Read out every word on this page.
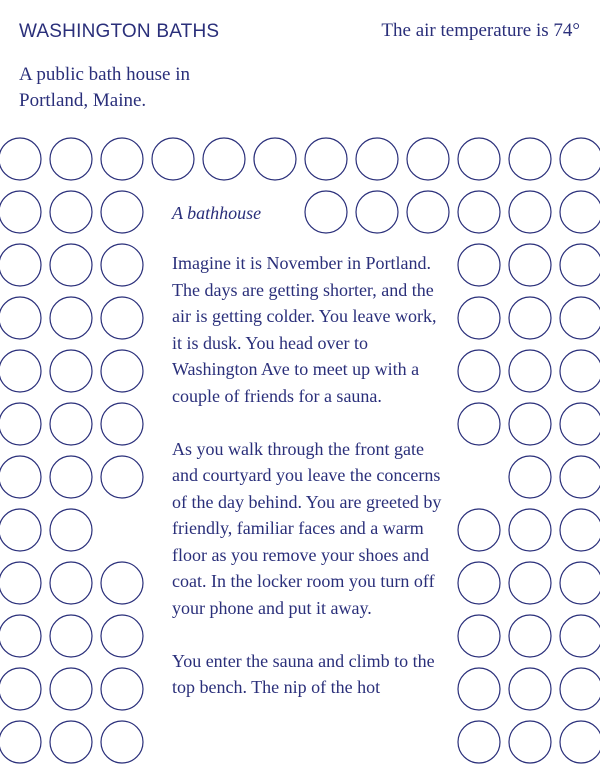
WASHINGTON BATHS	The air temperature is 74°
A public bath house in Portland, Maine.
A bathhouse

Imagine it is November in Portland. The days are getting shorter, and the air is getting colder. You leave work, it is dusk. You head over to Washington Ave to meet up with a couple of friends for a sauna.

As you walk through the front gate and courtyard you leave the concerns of the day behind. You are greeted by friendly, familiar faces and a warm floor as you remove your shoes and coat. In the locker room you turn off your phone and put it away.

You enter the sauna and climb to the top bench. The nip of the hot
